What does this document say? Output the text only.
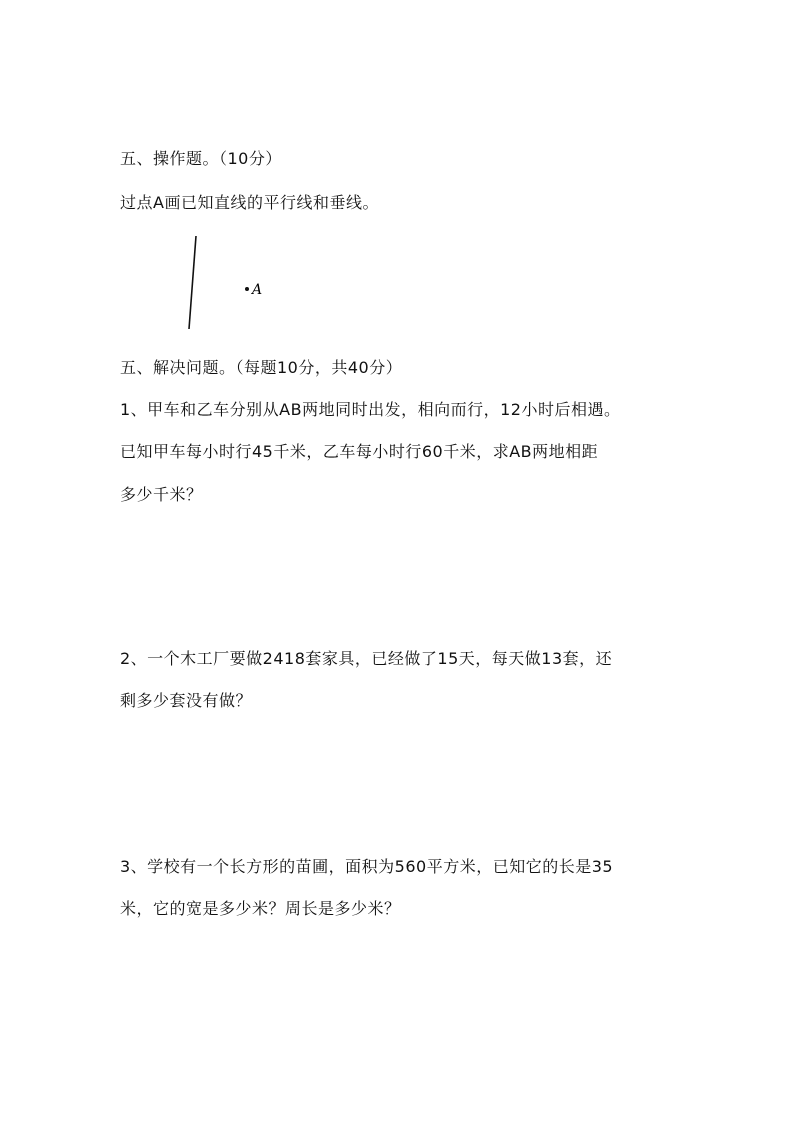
五、操作题。（10分）
过点A画已知直线的平行线和垂线。
A
五、解决问题。（每题10分，共40分）
1、甲车和乙车分别从AB两地同时出发，相向而行，12小时后相遇。
已知甲车每小时行45千米，乙车每小时行60千米，求AB两地相距
多少千米？
2、一个木工厂要做2418套家具，已经做了15天，每天做13套，还
剩多少套没有做？
3、学校有一个长方形的苗圃，面积为560平方米，已知它的长是35
米，它的宽是多少米？周长是多少米？
